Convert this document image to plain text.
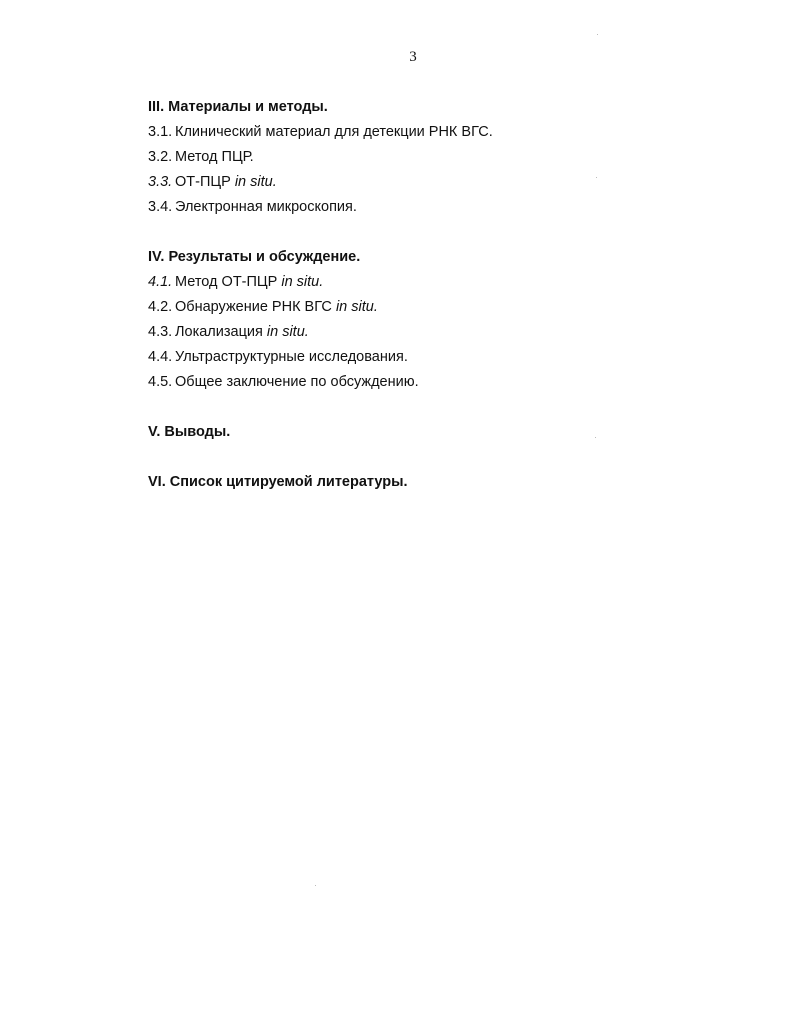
3
III. Материалы и методы.
3.1. Клинический материал для детекции РНК ВГС.
3.2. Метод ПЦР.
3.3. ОТ-ПЦР in situ.
3.4. Электронная микроскопия.
IV. Результаты и обсуждение.
4.1. Метод ОТ-ПЦР in situ.
4.2. Обнаружение РНК ВГС in situ.
4.3. Локализация in situ.
4.4. Ультраструктурные исследования.
4.5. Общее заключение по обсуждению.
V. Выводы.
VI. Список цитируемой литературы.
